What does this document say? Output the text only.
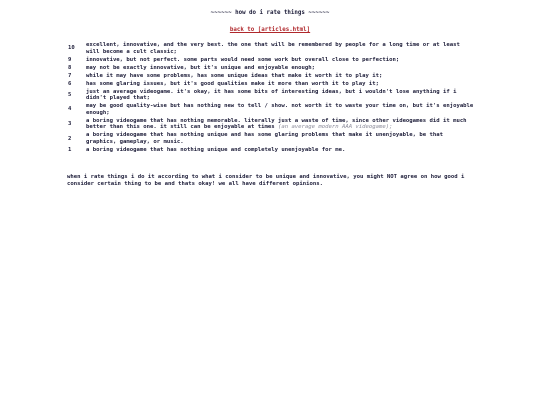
~~~~~~ how do i rate things ~~~~~~
back to [articles.html]
10	excellent, innovative, and the very best. the one that will be remembered by people for a long time or at least will become a cult classic;
9	innovative, but not perfect. some parts would need some work but overall close to perfection;
8	may not be exactly innovative, but it's unique and enjoyable enough;
7	while it may have some problems, has some unique ideas that make it worth it to play it;
6	has some glaring issues, but it's good qualities make it more than worth it to play it;
5	just an average videogame. it's okay, it has some bits of interesting ideas, but i wouldn't lose anything if i didn't played that;
4	may be good quality-wise but has nothing new to tell / show. not worth it to waste your time on, but it's enjoyable enough;
3	a boring videogame that has nothing memorable. literally just a waste of time, since other videogames did it much better than this one. it still can be enjoyable at times (an average modern AAA videogame);
2	a boring videogame that has nothing unique and has some glaring problems that make it unenjoyable, be that graphics, gameplay, or music.
1	a boring videogame that has nothing unique and completely unenjoyable for me.
when i rate things i do it according to what i consider to be unique and innovative, you might NOT agree on how good i consider certain thing to be and thats okay! we all have different opinions.
